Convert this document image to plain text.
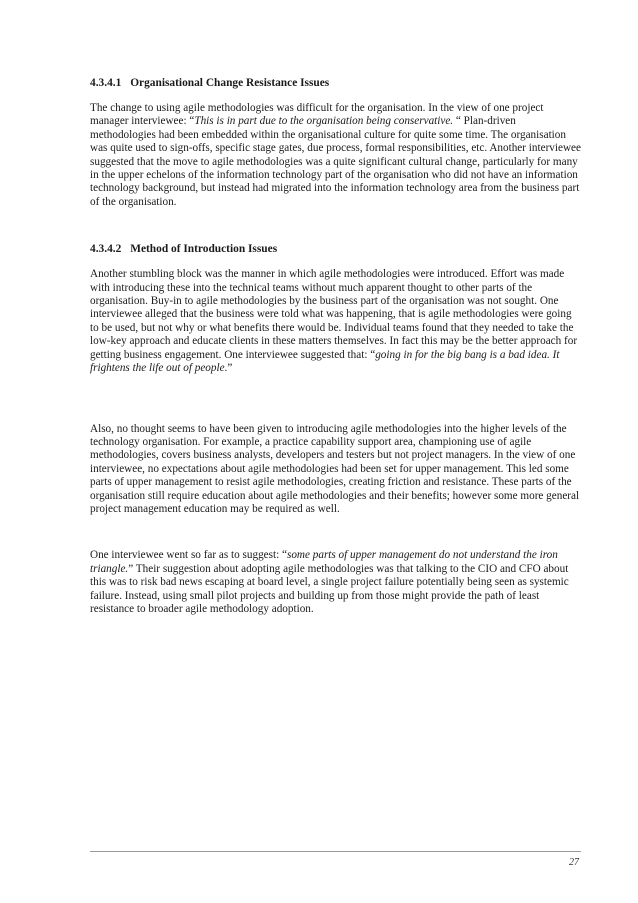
4.3.4.1 Organisational Change Resistance Issues

The change to using agile methodologies was difficult for the organisation. In the view of one project manager interviewee: “This is in part due to the organisation being conservative. “ Plan-driven methodologies had been embedded within the organisational culture for quite some time. The organisation was quite used to sign-offs, specific stage gates, due process, formal responsibilities, etc. Another interviewee suggested that the move to agile methodologies was a quite significant cultural change, particularly for many in the upper echelons of the information technology part of the organisation who did not have an information technology background, but instead had migrated into the information technology area from the business part of the organisation.

4.3.4.2 Method of Introduction Issues

Another stumbling block was the manner in which agile methodologies were introduced. Effort was made with introducing these into the technical teams without much apparent thought to other parts of the organisation. Buy-in to agile methodologies by the business part of the organisation was not sought. One interviewee alleged that the business were told what was happening, that is agile methodologies were going to be used, but not why or what benefits there would be. Individual teams found that they needed to take the low-key approach and educate clients in these matters themselves. In fact this may be the better approach for getting business engagement. One interviewee suggested that: “going in for the big bang is a bad idea. It frightens the life out of people.”

Also, no thought seems to have been given to introducing agile methodologies into the higher levels of the technology organisation. For example, a practice capability support area, championing use of agile methodologies, covers business analysts, developers and testers but not project managers. In the view of one interviewee, no expectations about agile methodologies had been set for upper management. This led some parts of upper management to resist agile methodologies, creating friction and resistance. These parts of the organisation still require education about agile methodologies and their benefits; however some more general project management education may be required as well.

One interviewee went so far as to suggest: “some parts of upper management do not understand the iron triangle.” Their suggestion about adopting agile methodologies was that talking to the CIO and CFO about this was to risk bad news escaping at board level, a single project failure potentially being seen as systemic failure. Instead, using small pilot projects and building up from those might provide the path of least resistance to broader agile methodology adoption.

27
